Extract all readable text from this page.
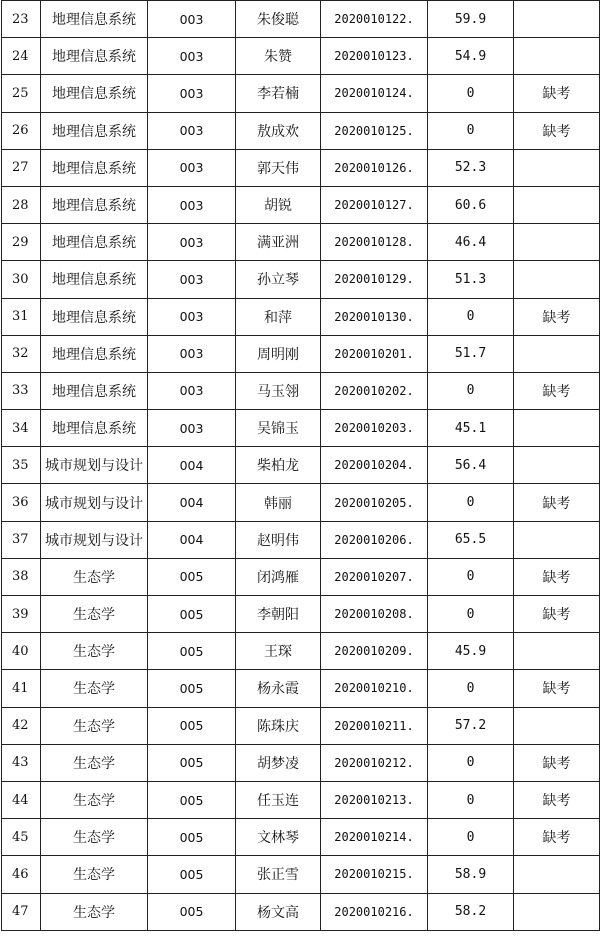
23	地理信息系统	003	朱俊聪	2020010122.	59.9	
24	地理信息系统	003	朱赞	2020010123.	54.9	
25	地理信息系统	003	李若楠	2020010124.	0	缺考
26	地理信息系统	003	敖成欢	2020010125.	0	缺考
27	地理信息系统	003	郭天伟	2020010126.	52.3	
28	地理信息系统	003	胡锐	2020010127.	60.6	
29	地理信息系统	003	满亚洲	2020010128.	46.4	
30	地理信息系统	003	孙立琴	2020010129.	51.3	
31	地理信息系统	003	和萍	2020010130.	0	缺考
32	地理信息系统	003	周明刚	2020010201.	51.7	
33	地理信息系统	003	马玉翎	2020010202.	0	缺考
34	地理信息系统	003	吴锦玉	2020010203.	45.1	
35	城市规划与设计	004	柴柏龙	2020010204.	56.4	
36	城市规划与设计	004	韩丽	2020010205.	0	缺考
37	城市规划与设计	004	赵明伟	2020010206.	65.5	
38	生态学	005	闭鸿雁	2020010207.	0	缺考
39	生态学	005	李朝阳	2020010208.	0	缺考
40	生态学	005	王琛	2020010209.	45.9	
41	生态学	005	杨永霞	2020010210.	0	缺考
42	生态学	005	陈珠庆	2020010211.	57.2	
43	生态学	005	胡梦凌	2020010212.	0	缺考
44	生态学	005	任玉连	2020010213.	0	缺考
45	生态学	005	文林琴	2020010214.	0	缺考
46	生态学	005	张正雪	2020010215.	58.9	
47	生态学	005	杨文高	2020010216.	58.2	
